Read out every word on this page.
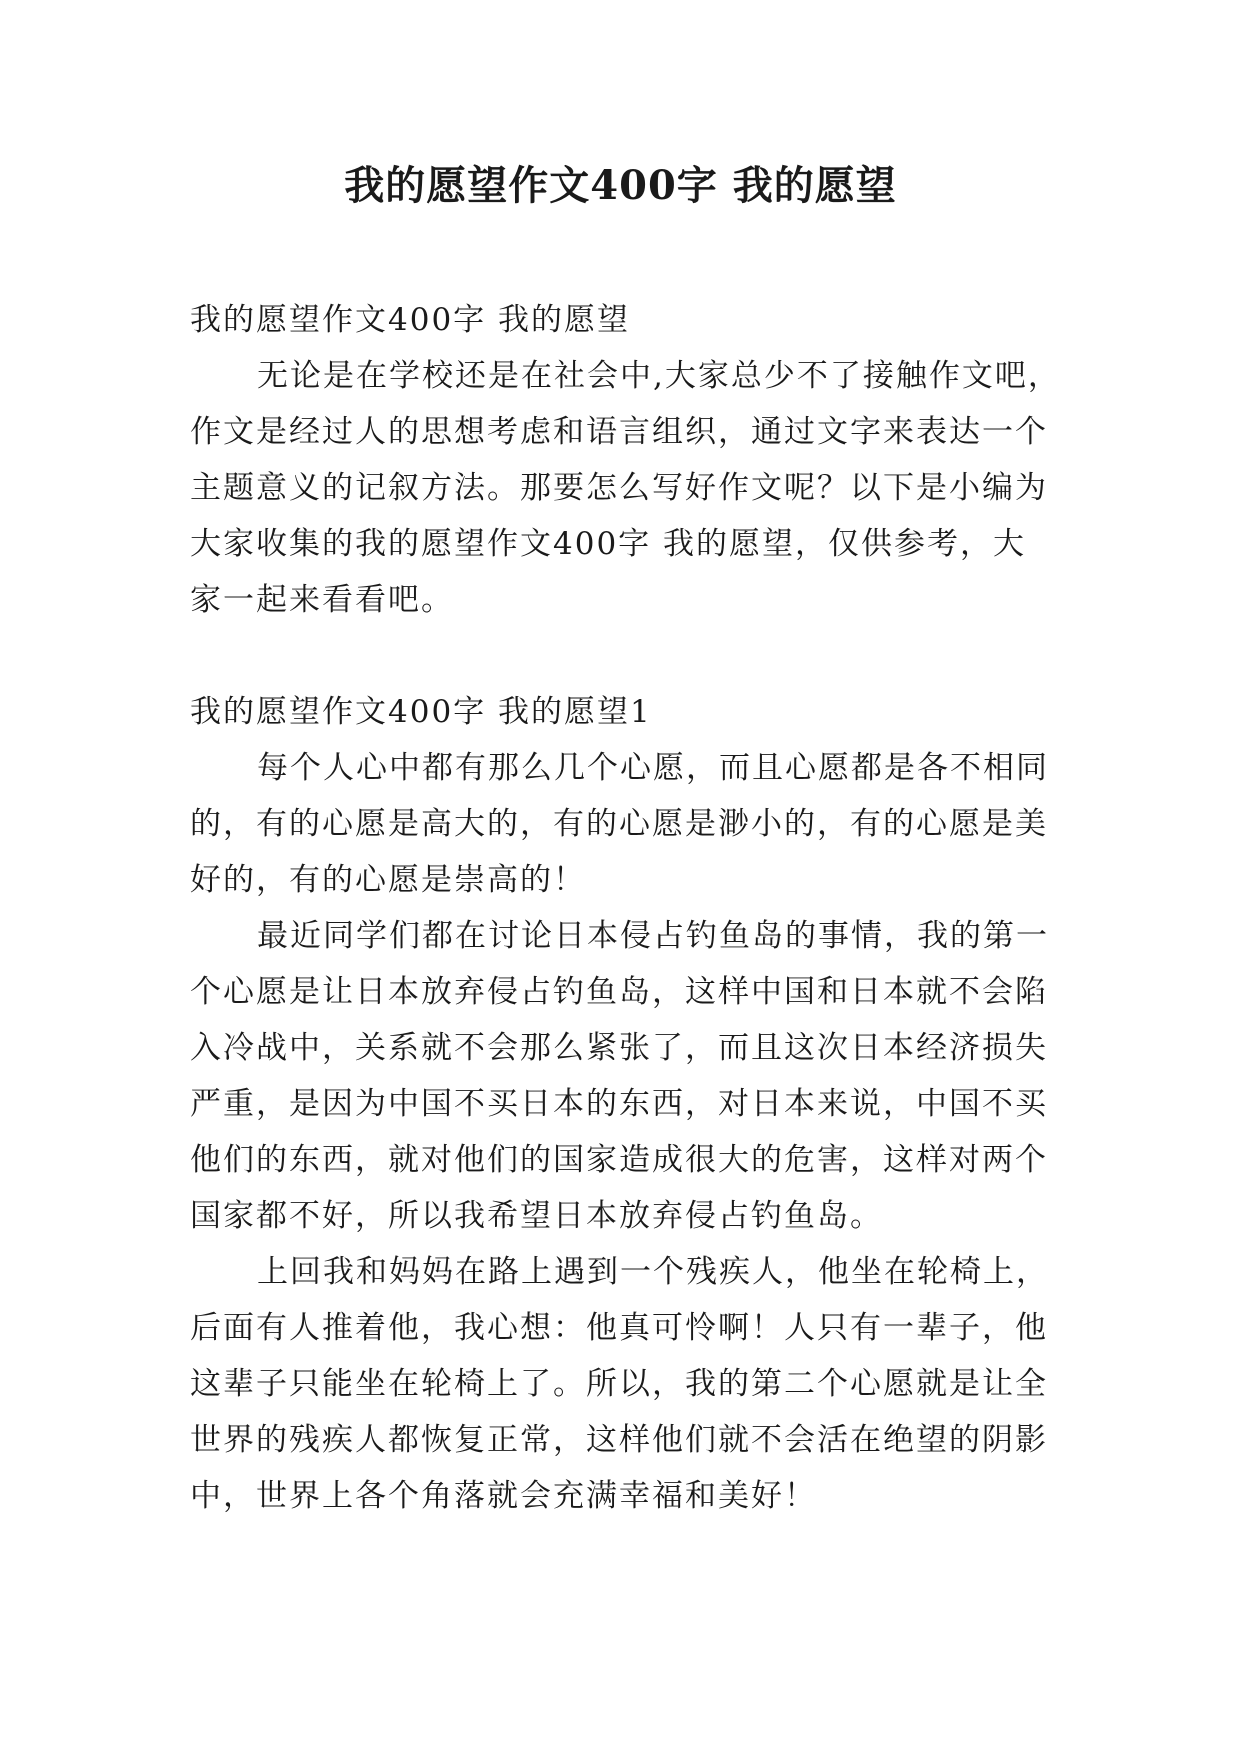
我的愿望作文400字 我的愿望
我的愿望作文400字 我的愿望
无论是在学校还是在社会中,大家总少不了接触作文吧，
作文是经过人的思想考虑和语言组织，通过文字来表达一个
主题意义的记叙方法。那要怎么写好作文呢？以下是小编为
大家收集的我的愿望作文400字 我的愿望，仅供参考，大
家一起来看看吧。
我的愿望作文400字 我的愿望1
每个人心中都有那么几个心愿，而且心愿都是各不相同
的，有的心愿是高大的，有的心愿是渺小的，有的心愿是美
好的，有的心愿是崇高的！
最近同学们都在讨论日本侵占钓鱼岛的事情，我的第一
个心愿是让日本放弃侵占钓鱼岛，这样中国和日本就不会陷
入冷战中，关系就不会那么紧张了，而且这次日本经济损失
严重，是因为中国不买日本的东西，对日本来说，中国不买
他们的东西，就对他们的国家造成很大的危害，这样对两个
国家都不好，所以我希望日本放弃侵占钓鱼岛。
上回我和妈妈在路上遇到一个残疾人，他坐在轮椅上，
后面有人推着他，我心想：他真可怜啊！人只有一辈子，他
这辈子只能坐在轮椅上了。所以，我的第二个心愿就是让全
世界的残疾人都恢复正常，这样他们就不会活在绝望的阴影
中，世界上各个角落就会充满幸福和美好！
